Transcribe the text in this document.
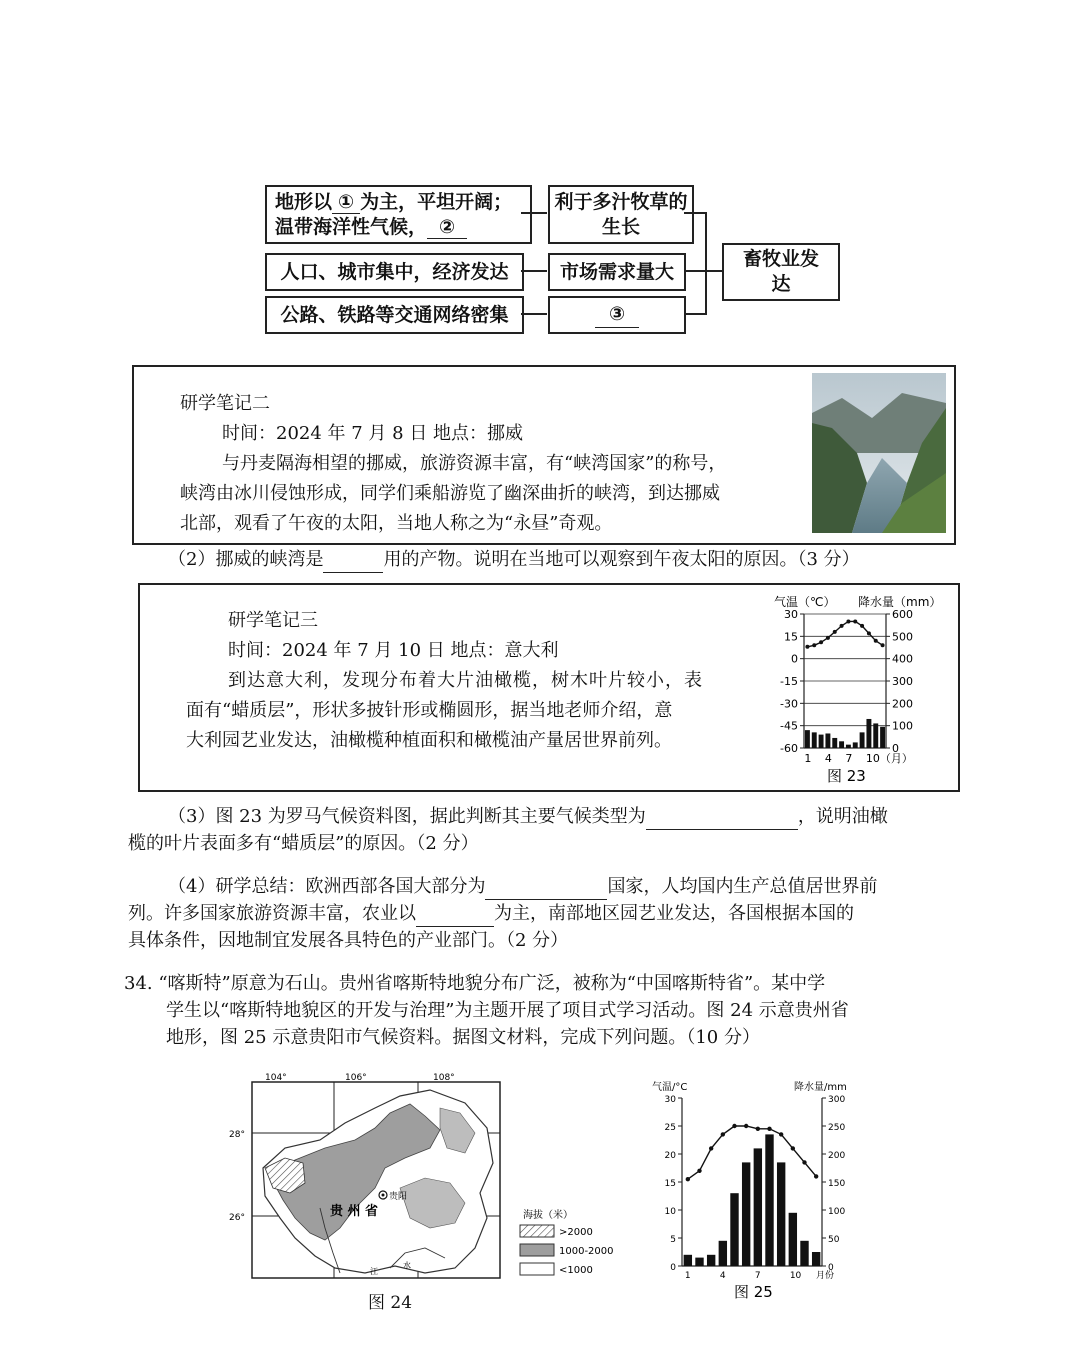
地形以 ① 为主，平坦开阔；
温带海洋性气候， ②
人口、城市集中，经济发达
公路、铁路等交通网络密集
利于多汁牧草的生长
市场需求量大
③
畜牧业发达
研学笔记二
时间：2024 年 7 月 8 日 地点：挪威
与丹麦隔海相望的挪威，旅游资源丰富，有“峡湾国家”的称号，
峡湾由冰川侵蚀形成，同学们乘船游览了幽深曲折的峡湾，到达挪威
北部，观看了午夜的太阳，当地人称之为“永昼”奇观。
（2）挪威的峡湾是	用的产物。说明在当地可以观察到午夜太阳的原因。（3 分）
研学笔记三
时间：2024 年 7 月 10 日 地点：意大利
到达意大利，发现分布着大片油橄榄，树木叶片较小，表
面有“蜡质层”，形状多披针形或椭圆形，据当地老师介绍，意
大利园艺业发达，油橄榄种植面积和橄榄油产量居世界前列。
气温（℃） 降水量（mm）
30
15
0
-15
-30
-45
-60
600
500
400
300
200
100
0
1 4 7 10（月）
图 23
（3）图 23 为罗马气候资料图，据此判断其主要气候类型为	，说明油橄
榄的叶片表面多有“蜡质层”的原因。（2 分）
（4）研学总结：欧洲西部各国大部分为	国家，人均国内生产总值居世界前
列。许多国家旅游资源丰富，农业以	为主，南部地区园艺业发达，各国根据本国的
具体条件，因地制宜发展各具特色的产业部门。（2 分）
34. “喀斯特”原意为石山。贵州省喀斯特地貌分布广泛，被称为“中国喀斯特省”。某中学
学生以“喀斯特地貌区的开发与治理”为主题开展了项目式学习活动。图 24 示意贵州省
地形，图 25 示意贵阳市气候资料。据图文材料，完成下列问题。（10 分）
104°	106°	108°
28°
26°
贵阳
贵 州 省
江
水
海拔（米）
>2000
1000-2000
<1000
图 24
气温/°C	降水量/mm
30
25
20
15
10
5
0
300
250
200
150
100
50
0
1	4	7	10 月份
图 25
